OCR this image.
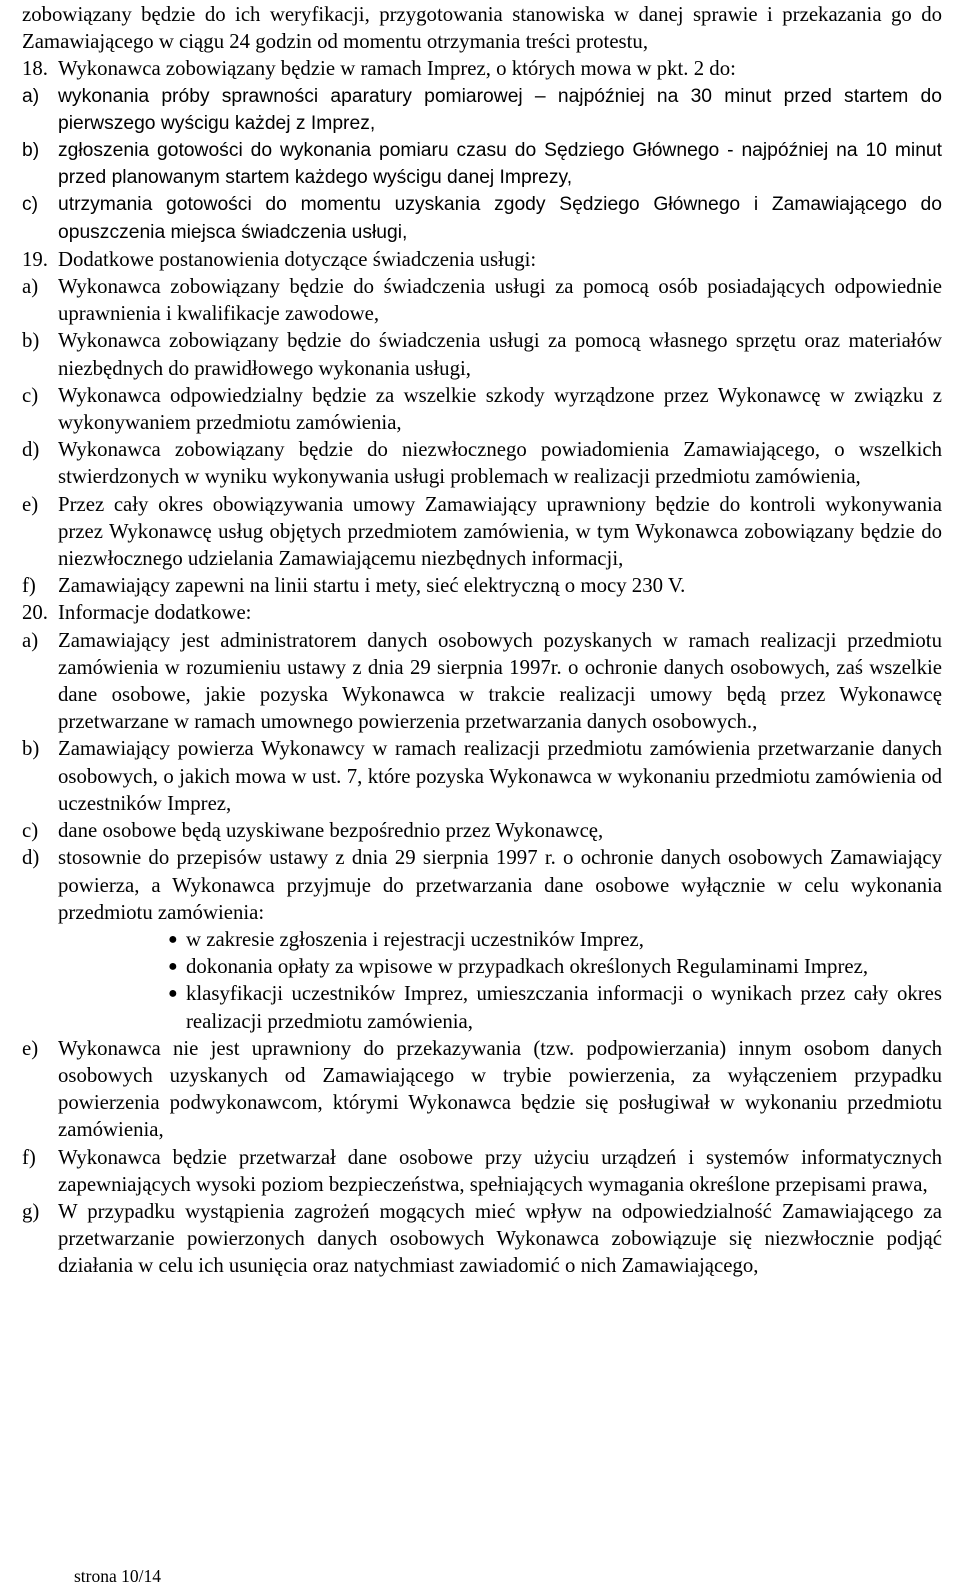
zobowiązany będzie do ich weryfikacji, przygotowania stanowiska w danej sprawie i przekazania go do Zamawiającego w ciągu 24 godzin od momentu otrzymania treści protestu,

18. Wykonawca zobowiązany będzie w ramach Imprez, o których mowa w pkt. 2 do:

a) wykonania próby sprawności aparatury pomiarowej – najpóźniej na 30 minut przed startem do pierwszego wyścigu każdej z Imprez,

b) zgłoszenia gotowości do wykonania pomiaru czasu do Sędziego Głównego - najpóźniej na 10 minut przed planowanym startem każdego wyścigu danej Imprezy,

c)	utrzymania gotowości do momentu uzyskania zgody Sędziego Głównego i Zamawiającego do opuszczenia miejsca świadczenia usługi,

19. Dodatkowe postanowienia dotyczące świadczenia usługi:

a) Wykonawca zobowiązany będzie do świadczenia usługi za pomocą osób posiadających odpowiednie uprawnienia i kwalifikacje zawodowe,

b) Wykonawca zobowiązany będzie do świadczenia usługi za pomocą własnego sprzętu oraz materiałów niezbędnych do prawidłowego wykonania usługi,

c) Wykonawca odpowiedzialny będzie za wszelkie szkody wyrządzone przez Wykonawcę w związku z wykonywaniem przedmiotu zamówienia,

d) Wykonawca zobowiązany będzie do niezwłocznego powiadomienia Zamawiającego, o wszelkich stwierdzonych w wyniku wykonywania usługi problemach w realizacji przedmiotu zamówienia,

e) Przez cały okres obowiązywania umowy Zamawiający uprawniony będzie do kontroli wykonywania przez Wykonawcę usług objętych przedmiotem zamówienia, w tym Wykonawca zobowiązany będzie do niezwłocznego udzielania Zamawiającemu niezbędnych informacji,

f)	Zamawiający zapewni na linii startu i mety, sieć elektryczną o mocy 230 V.

20. Informacje dodatkowe:

a) Zamawiający jest administratorem danych osobowych pozyskanych w ramach realizacji przedmiotu zamówienia w rozumieniu ustawy z dnia 29 sierpnia 1997r. o ochronie danych osobowych, zaś wszelkie dane osobowe, jakie pozyska Wykonawca w trakcie realizacji umowy będą przez Wykonawcę przetwarzane w ramach umownego powierzenia przetwarzania danych osobowych.,

b) Zamawiający powierza Wykonawcy w ramach realizacji przedmiotu zamówienia przetwarzanie danych osobowych, o jakich mowa w ust. 7, które pozyska Wykonawca w wykonaniu przedmiotu zamówienia od uczestników Imprez,

c) dane osobowe będą uzyskiwane bezpośrednio przez Wykonawcę,

d) stosownie do przepisów ustawy z dnia 29 sierpnia 1997 r. o ochronie danych osobowych Zamawiający powierza, a Wykonawca przyjmuje do przetwarzania dane osobowe wyłącznie w celu wykonania przedmiotu zamówienia:

● w zakresie zgłoszenia i rejestracji uczestników Imprez,
● dokonania opłaty za wpisowe w przypadkach określonych Regulaminami Imprez,
● klasyfikacji uczestników Imprez, umieszczania informacji o wynikach przez cały okres realizacji przedmiotu zamówienia,
e) Wykonawca nie jest uprawniony do przekazywania (tzw. podpowierzania) innym osobom danych osobowych uzyskanych od Zamawiającego w trybie powierzenia, za wyłączeniem przypadku powierzenia podwykonawcom, którymi Wykonawca będzie się posługiwał w wykonaniu przedmiotu zamówienia,

f)	Wykonawca będzie przetwarzał dane osobowe przy użyciu urządzeń i systemów informatycznych zapewniających wysoki poziom bezpieczeństwa, spełniających wymagania określone przepisami prawa,

g) W przypadku wystąpienia zagrożeń mogących mieć wpływ na odpowiedzialność Zamawiającego za przetwarzanie powierzonych danych osobowych Wykonawca zobowiązuje się niezwłocznie podjąć działania w celu ich usunięcia oraz natychmiast zawiadomić o nich Zamawiającego,

strona 10/14
